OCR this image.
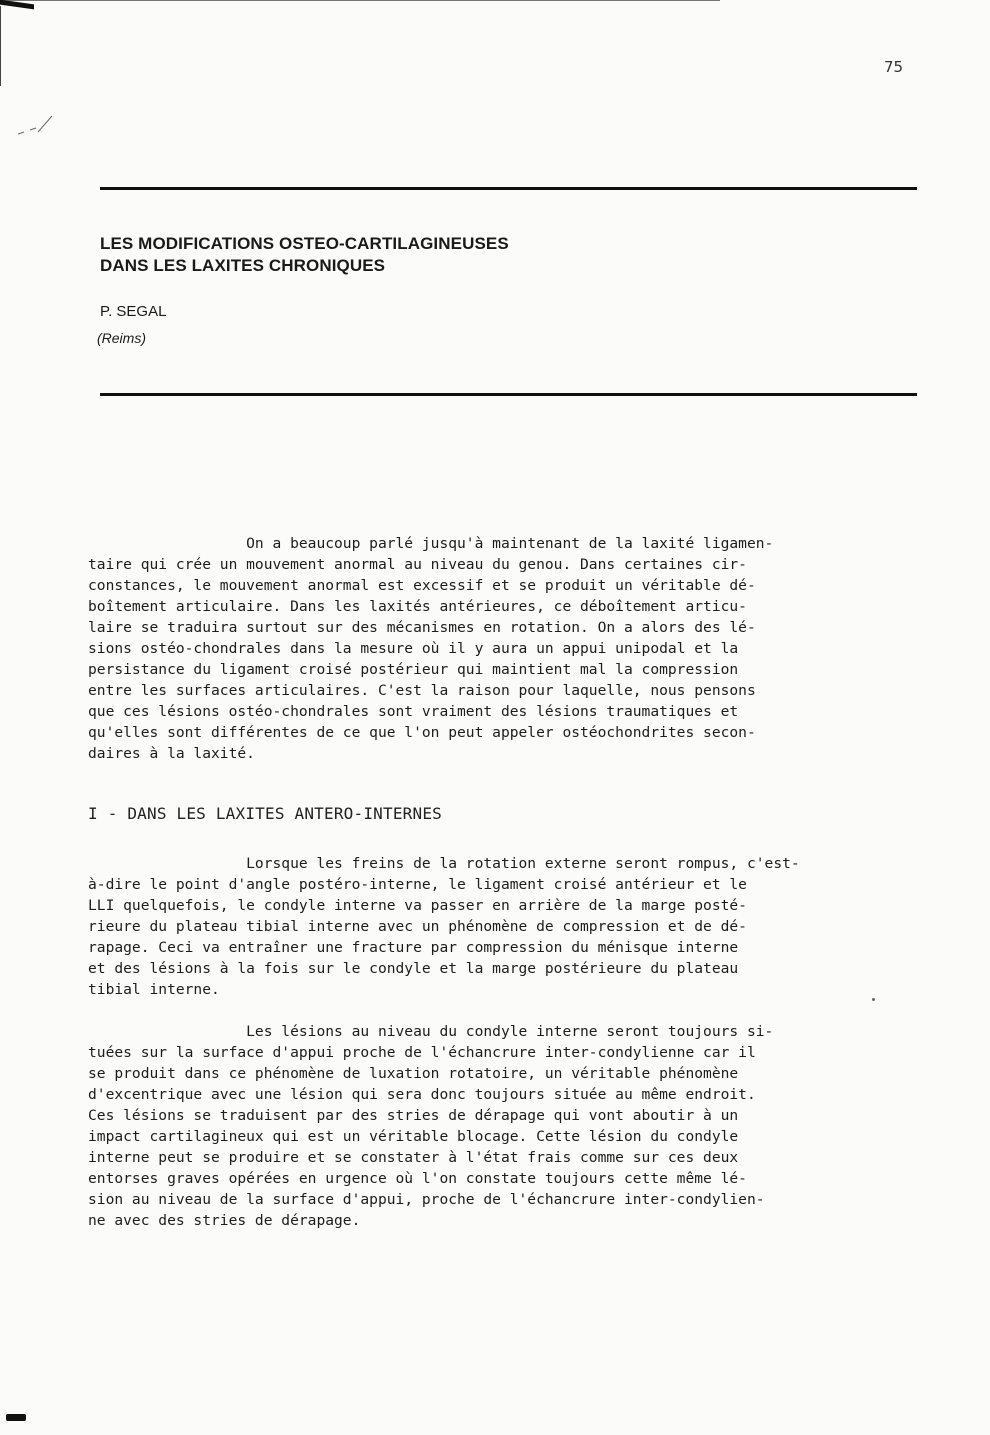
75
LES MODIFICATIONS OSTEO-CARTILAGINEUSES
DANS LES LAXITES CHRONIQUES
P. SEGAL
(Reims)

On a beaucoup parlé jusqu'à maintenant de la laxité ligamen-
taire qui crée un mouvement anormal au niveau du genou. Dans certaines cir-
constances, le mouvement anormal est excessif et se produit un véritable dé-
boîtement articulaire. Dans les laxités antérieures, ce déboîtement articu-
laire se traduira surtout sur des mécanismes en rotation. On a alors des lé-
sions ostéo-chondrales dans la mesure où il y aura un appui unipodal et la
persistance du ligament croisé postérieur qui maintient mal la compression
entre les surfaces articulaires. C'est la raison pour laquelle, nous pensons
que ces lésions ostéo-chondrales sont vraiment des lésions traumatiques et
qu'elles sont différentes de ce que l'on peut appeler ostéochondrites secon-
daires à la laxité.

I - DANS LES LAXITES ANTERO-INTERNES

Lorsque les freins de la rotation externe seront rompus, c'est-
à-dire le point d'angle postéro-interne, le ligament croisé antérieur et le
LLI quelquefois, le condyle interne va passer en arrière de la marge posté-
rieure du plateau tibial interne avec un phénomène de compression et de dé-
rapage. Ceci va entraîner une fracture par compression du ménisque interne
et des lésions à la fois sur le condyle et la marge postérieure du plateau
tibial interne.

Les lésions au niveau du condyle interne seront toujours si-
tuées sur la surface d'appui proche de l'échancrure inter-condylienne car il
se produit dans ce phénomène de luxation rotatoire, un véritable phénomène
d'excentrique avec une lésion qui sera donc toujours située au même endroit.
Ces lésions se traduisent par des stries de dérapage qui vont aboutir à un
impact cartilagineux qui est un véritable blocage. Cette lésion du condyle
interne peut se produire et se constater à l'état frais comme sur ces deux
entorses graves opérées en urgence où l'on constate toujours cette même lé-
sion au niveau de la surface d'appui, proche de l'échancrure inter-condylien-
ne avec des stries de dérapage.
